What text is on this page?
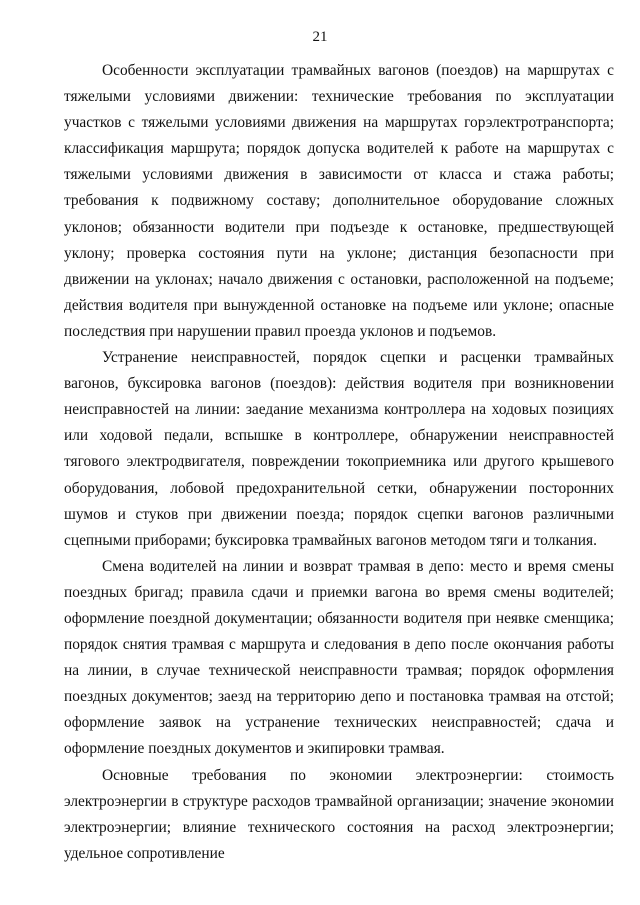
21

Особенности эксплуатации трамвайных вагонов (поездов) на маршрутах с тяжелыми условиями движении: технические требования по эксплуатации участков с тяжелыми условиями движения на маршрутах горэлектротранспорта; классификация маршрута; порядок допуска водителей к работе на маршрутах с тяжелыми условиями движения в зависимости от класса и стажа работы; требования к подвижному составу; дополнительное оборудование сложных уклонов; обязанности водители при подъезде к остановке, предшествующей уклону; проверка состояния пути на уклоне; дистанция безопасности при движении на уклонах; начало движения с остановки, расположенной на подъеме; действия водителя при вынужденной остановке на подъеме или уклоне; опасные последствия при нарушении правил проезда уклонов и подъемов.

Устранение неисправностей, порядок сцепки и расценки трамвайных вагонов, буксировка вагонов (поездов): действия водителя при возникновении неисправностей на линии: заедание механизма контроллера на ходовых позициях или ходовой педали, вспышке в контроллере, обнаружении неисправностей тягового электродвигателя, повреждении токоприемника или другого крышевого оборудования, лобовой предохранительной сетки, обнаружении посторонних шумов и стуков при движении поезда; порядок сцепки вагонов различными сцепными приборами; буксировка трамвайных вагонов методом тяги и толкания.

Смена водителей на линии и возврат трамвая в депо: место и время смены поездных бригад; правила сдачи и приемки вагона во время смены водителей; оформление поездной документации; обязанности водителя при неявке сменщика; порядок снятия трамвая с маршрута и следования в депо после окончания работы на линии, в случае технической неисправности трамвая; порядок оформления поездных документов; заезд на территорию депо и постановка трамвая на отстой; оформление заявок на устранение технических неисправностей; сдача и оформление поездных документов и экипировки трамвая.

Основные требования по экономии электроэнергии: стоимость электроэнергии в структуре расходов трамвайной организации; значение экономии электроэнергии; влияние технического состояния на расход электроэнергии; удельное сопротивление
